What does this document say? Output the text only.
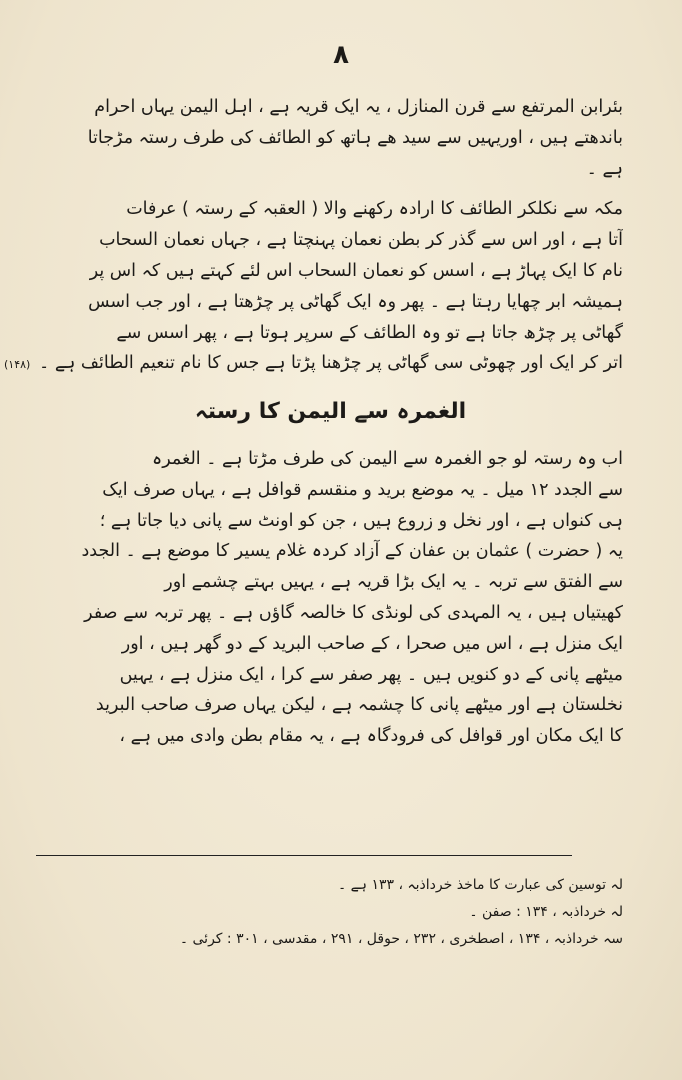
۸
(۱۴۸)

بئرابن المرتفع سے قرن المنازل ، یہ ایک قریہ ہے ، اہل الیمن یہاں احرام
باندھتے ہیں ، اوریہیں سے سید ھے ہاتھ کو الطائف کی طرف رستہ مڑجاتا
ہے ۔

مکہ سے نکلکر الطائف کا ارادہ رکھنے والا ( العقبہ کے رستہ ) عرفات
آتا ہے ، اور اس سے گذر کر بطن نعمان پہنچتا ہے ، جہاں نعمان السحاب
نام کا ایک پہاڑ ہے ، اسس کو نعمان السحاب اس لئے کہتے ہیں کہ اس پر
ہمیشہ ابر چھایا رہتا ہے ۔ پھر وہ ایک گھاٹی پر چڑھتا ہے ، اور جب اسس
گھاٹی پر چڑھ جاتا ہے تو وہ الطائف کے سرپر ہوتا ہے ، پھر اسس سے
اتر کر ایک اور چھوٹی سی گھاٹی پر چڑھنا پڑتا ہے جس کا نام تنعیم الطائف ہے ۔

الغمرہ سے الیمن کا رستہ

اب وہ رستہ لو جو الغمرہ سے الیمن کی طرف مڑتا ہے ۔ الغمرہ
سے الجدد ۱۲ میل ۔ یہ موضع برید و منقسم قوافل ہے ، یہاں صرف ایک
ہی کنواں ہے ، اور نخل و زروع ہیں ، جن کو اونٹ سے پانی دیا جاتا ہے ؛
یہ ( حضرت ) عثمان بن عفان کے آزاد کردہ غلام یسیر کا موضع ہے ۔ الجدد
سے الفتق سے تربہ ۔ یہ ایک بڑا قریہ ہے ، یہیں بہتے چشمے اور
کھیتیاں ہیں ، یہ المہدی کی لونڈی کا خالصہ گاؤں ہے ۔ پھر تربہ سے صفر
ایک منزل ہے ، اس میں صحرا ، کے صاحب البرید کے دو گھر ہیں ، اور
میٹھے پانی کے دو کنویں ہیں ۔ پھر صفر سے کرا ، ایک منزل ہے ، یہیں
نخلستان ہے اور میٹھے پانی کا چشمہ ہے ، لیکن یہاں صرف صاحب البرید
کا ایک مکان اور قوافل کی فرودگاہ ہے ، یہ مقام بطن وادی میں ہے ،

لہ توسین کی عبارت کا ماخذ خرداذبہ ، ۱۳۳ ہے ۔
لہ خرداذبہ ، ۱۳۴ : صفن ۔
سہ خرداذبہ ، ۱۳۴ ، اصطخری ، ۲۳۲ ، حوقل ، ۲۹۱ ، مقدسی ، ۳۰۱ : کرئی ۔
